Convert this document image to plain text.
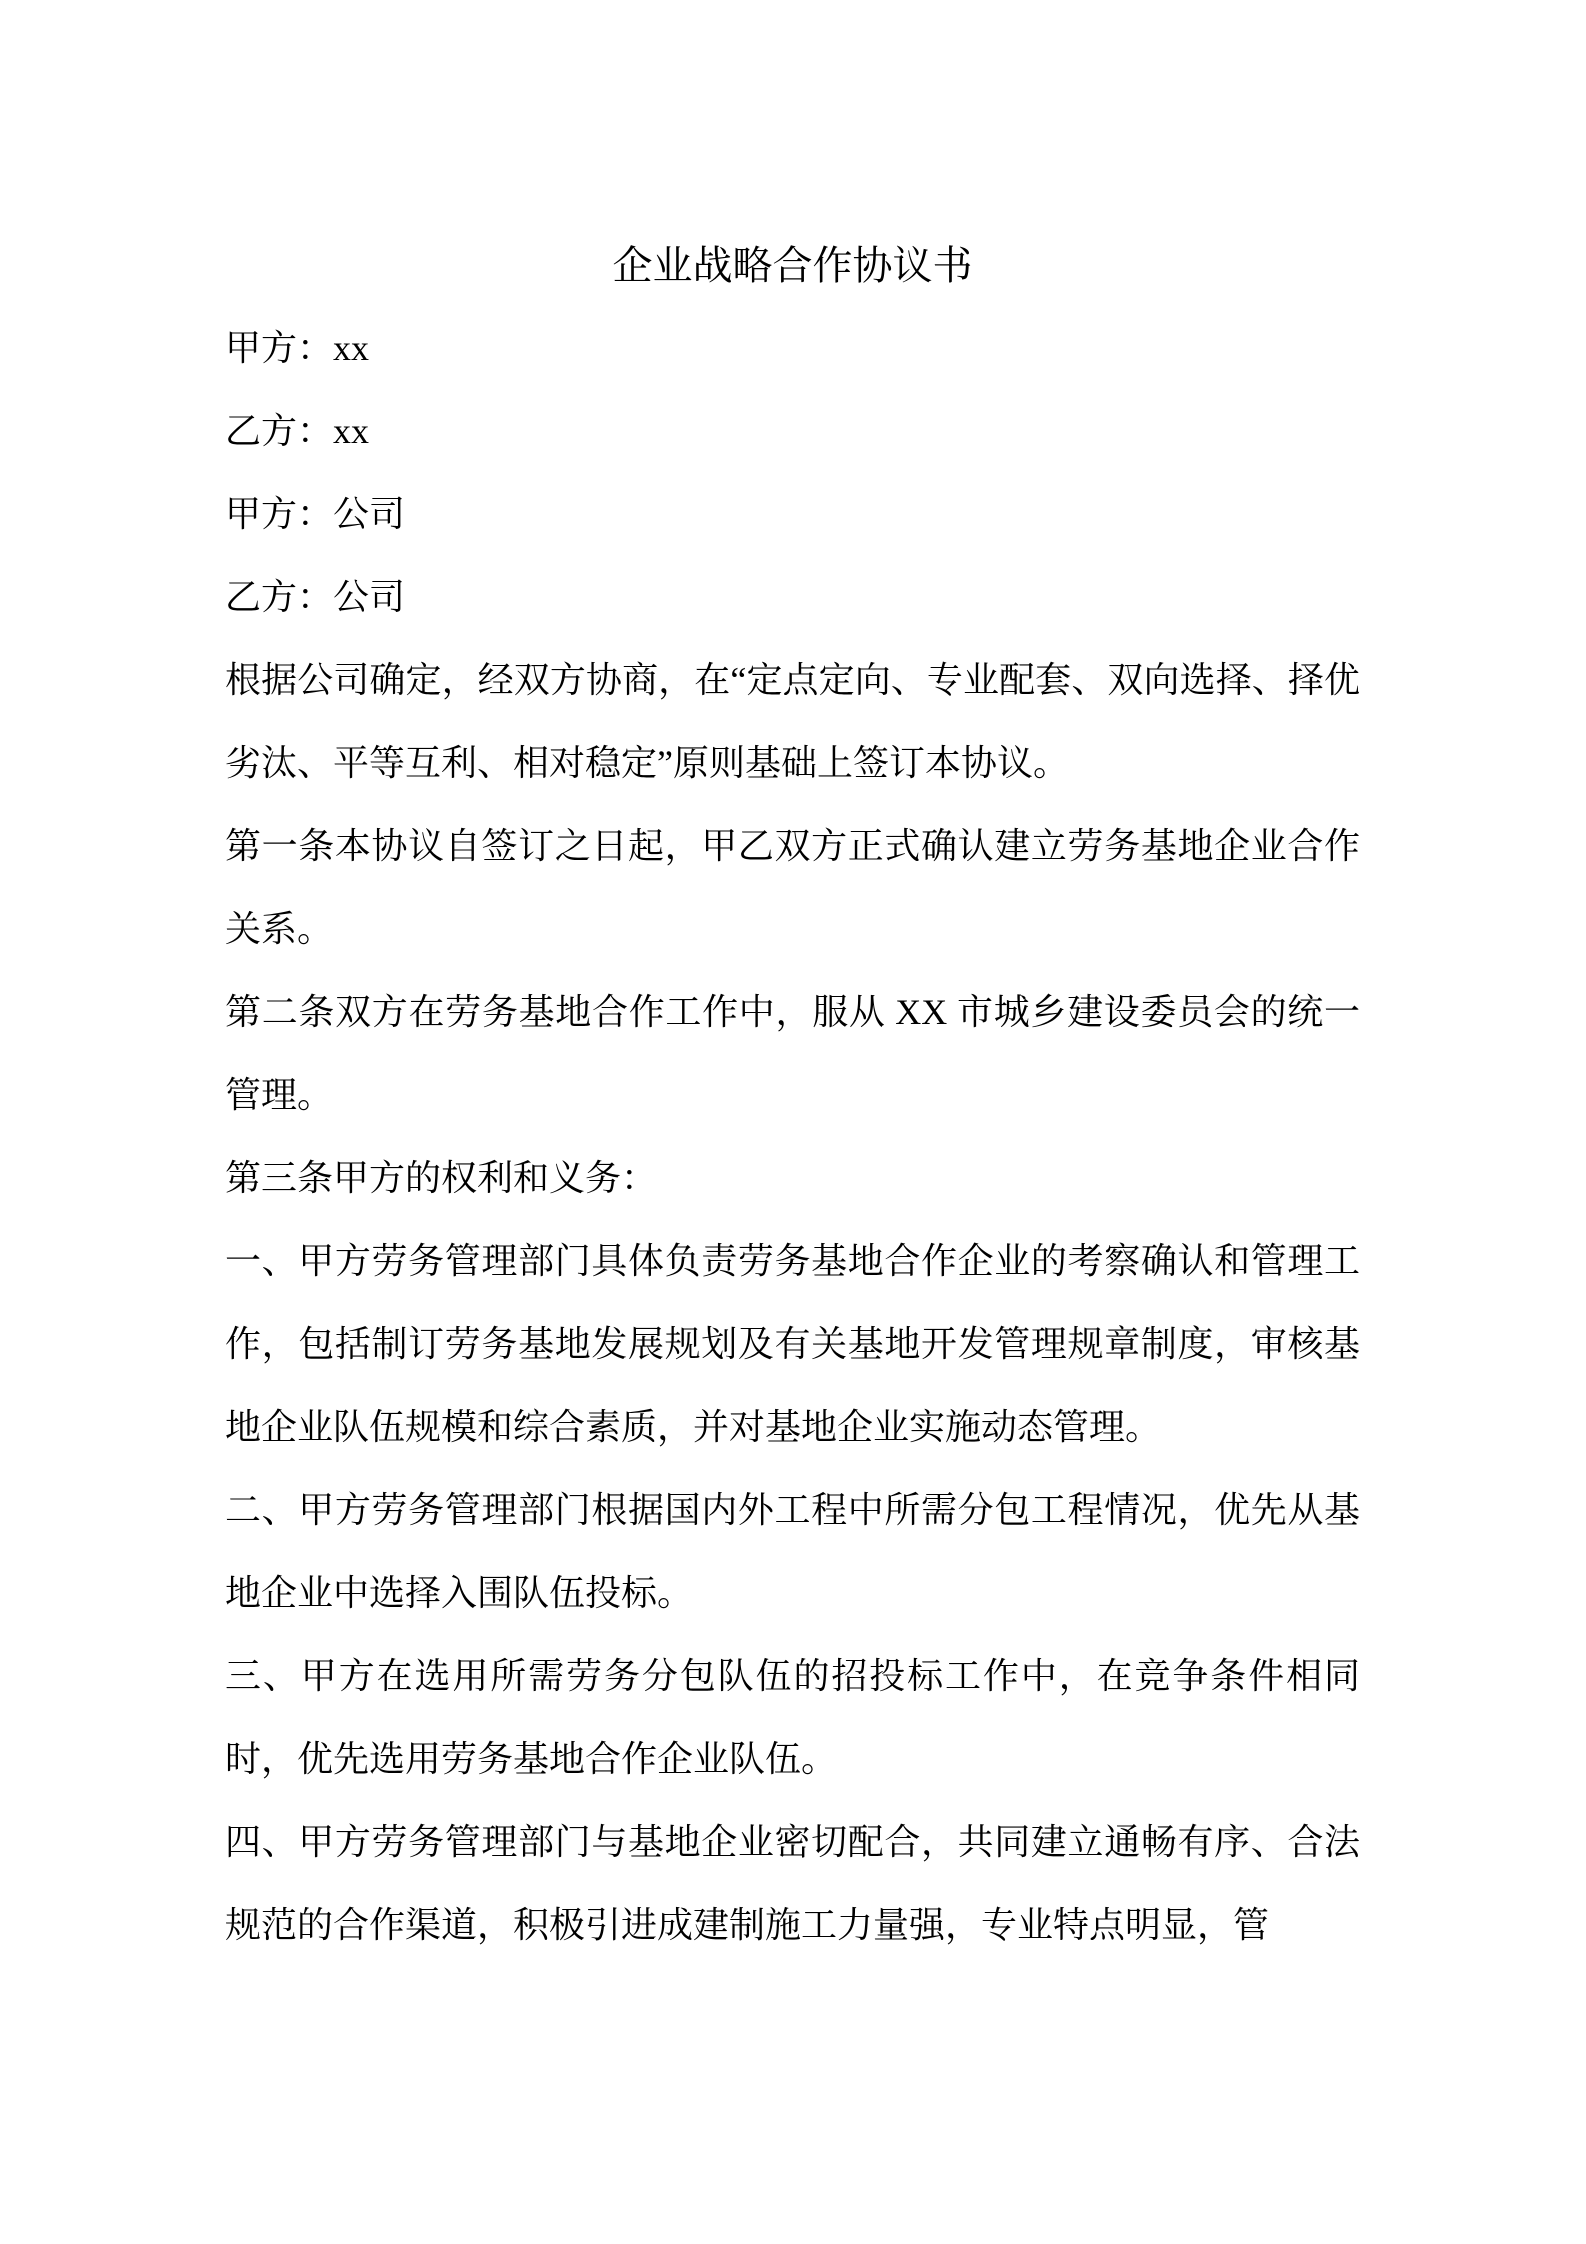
企业战略合作协议书

甲方：xx

乙方：xx

甲方：公司

乙方：公司

根据公司确定，经双方协商，在“定点定向、专业配套、双向选择、择优劣汰、平等互利、相对稳定”原则基础上签订本协议。

第一条本协议自签订之日起，甲乙双方正式确认建立劳务基地企业合作关系。

第二条双方在劳务基地合作工作中，服从 XX 市城乡建设委员会的统一管理。

第三条甲方的权利和义务：

一、甲方劳务管理部门具体负责劳务基地合作企业的考察确认和管理工作，包括制订劳务基地发展规划及有关基地开发管理规章制度，审核基地企业队伍规模和综合素质，并对基地企业实施动态管理。

二、甲方劳务管理部门根据国内外工程中所需分包工程情况，优先从基地企业中选择入围队伍投标。

三、甲方在选用所需劳务分包队伍的招投标工作中，在竞争条件相同时，优先选用劳务基地合作企业队伍。

四、甲方劳务管理部门与基地企业密切配合，共同建立通畅有序、合法规范的合作渠道，积极引进成建制施工力量强，专业特点明显，管
